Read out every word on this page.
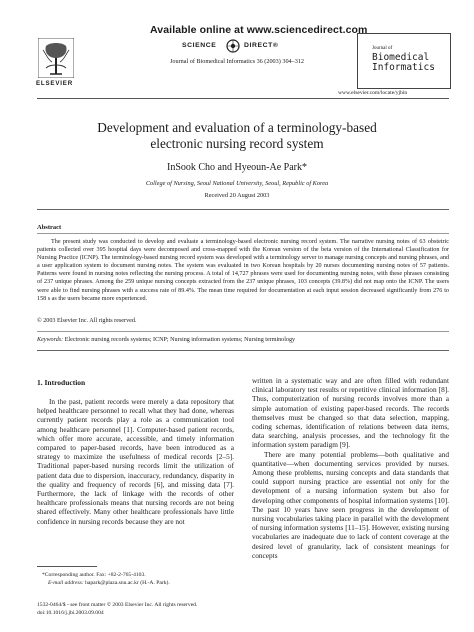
Available online at www.sciencedirect.com
SCIENCE	DIRECT®
Journal of Biomedical Informatics 36 (2003) 304–312
ELSEVIER
Journal of
Biomedical
Informatics
www.elsevier.com/locate/yjbin
Development and evaluation of a terminology-based
electronic nursing record system
InSook Cho and Hyeoun-Ae Park*
College of Nursing, Seoul National University, Seoul, Republic of Korea
Received 20 August 2003
Abstract
The present study was conducted to develop and evaluate a terminology-based electronic nursing record system. The narrative nursing notes of 63 obstetric patients collected over 395 hospital days were decomposed and cross-mapped with the Korean version of the beta version of the International Classification for Nursing Practice (ICNP). The terminology-based nursing record system was developed with a terminology server to manage nursing concepts and nursing phrases, and a user application system to document nursing notes. The system was evaluated in two Korean hospitals by 20 nurses documenting nursing notes of 57 patients. Patterns were found in nursing notes reflecting the nursing process. A total of 14,727 phrases were used for documenting nursing notes, with these phrases consisting of 237 unique phrases. Among the 259 unique nursing concepts extracted from the 237 unique phrases, 103 concepts (39.8%) did not map onto the ICNP. The users were able to find nursing phrases with a success rate of 89.4%. The mean time required for documentation at each input session decreased significantly from 276 to 158 s as the users became more experienced.
© 2003 Elsevier Inc. All rights reserved.
Keywords: Electronic nursing records systems; ICNP; Nursing information systems; Nursing terminology
1. Introduction
In the past, patient records were merely a data repository that helped healthcare personnel to recall what they had done, whereas currently patient records play a role as a communication tool among healthcare personnel [1]. Computer-based patient records, which offer more accurate, accessible, and timely information compared to paper-based records, have been introduced as a strategy to maximize the usefulness of medical records [2–5]. Traditional paper-based nursing records limit the utilization of patient data due to dispersion, inaccuracy, redundancy, disparity in the quality and frequency of records [6], and missing data [7]. Furthermore, the lack of linkage with the records of other healthcare professionals means that nursing records are not being shared effectively. Many other healthcare professionals have little confidence in nursing records because they are not

written in a systematic way and are often filled with redundant clinical laboratory test results or repetitive clinical information [8]. Thus, computerization of nursing records involves more than a simple automation of existing paper-based records. The records themselves must be changed so that data selection, mapping, coding schemas, identification of relations between data items, data searching, analysis processes, and the technology fit the information system paradigm [9].

There are many potential problems—both qualitative and quantitative—when documenting services provided by nurses. Among these problems, nursing concepts and data standards that could support nursing practice are essential not only for the development of a nursing information system but also for developing other components of hospital information systems [10]. The past 10 years have seen progress in the development of nursing vocabularies taking place in parallel with the development of nursing information systems [11–15]. However, existing nursing vocabularies are inadequate due to lack of content coverage at the desired level of granularity, lack of consistent meanings for concepts

*Corresponding author. Fax: +82-2-765-4103.
E-mail address: hapark@plaza.snu.ac.kr (H.-A. Park).
1532-0464/$ - see front matter © 2003 Elsevier Inc. All rights reserved.
doi:10.1016/j.jbi.2003.09.004
